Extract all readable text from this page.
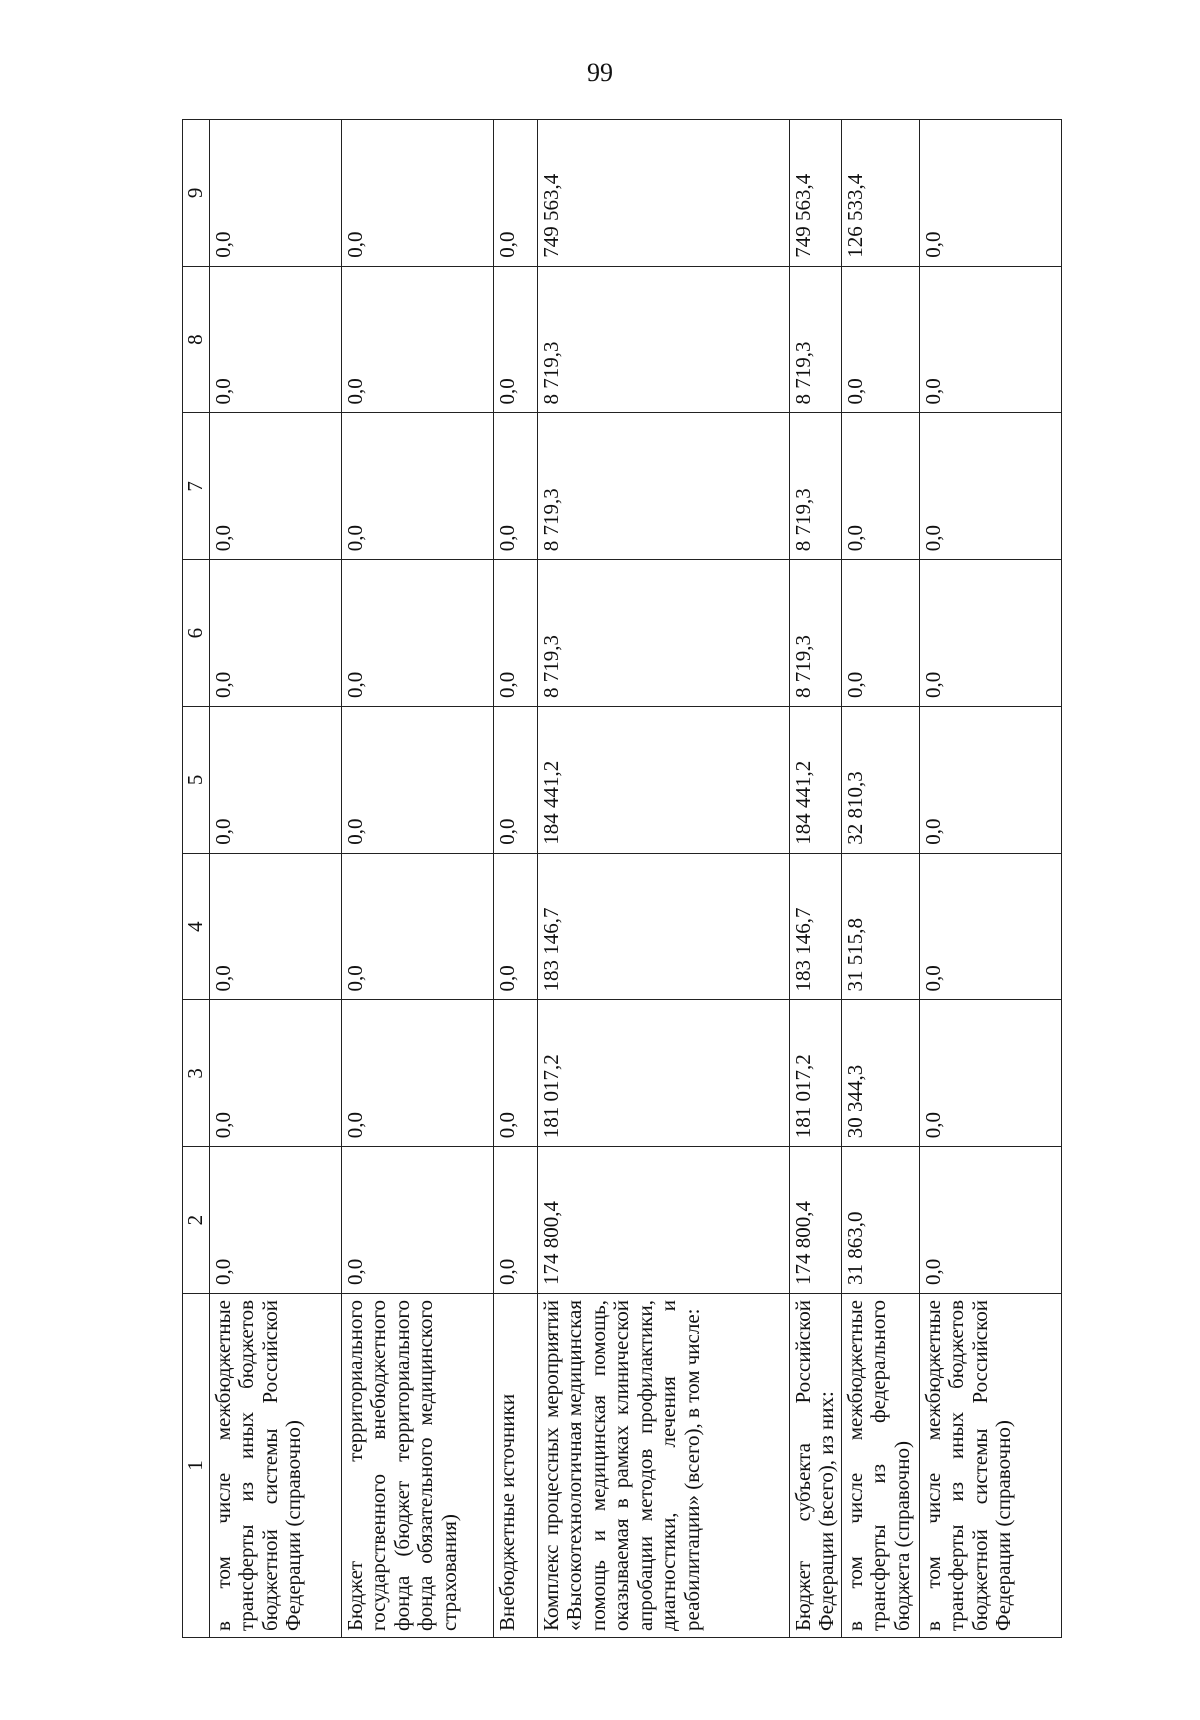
99
1	2	3	4	5	6	7	8	9
в том числе межбюджетные трансферты из иных бюджетов бюджетной системы Российской Федерации (справочно)	0,0	0,0	0,0	0,0	0,0	0,0	0,0	0,0
Бюджет территориального государственного внебюджетного фонда (бюджет территориального фонда обязательного медицинского страхования)	0,0	0,0	0,0	0,0	0,0	0,0	0,0	0,0
Внебюджетные источники	0,0	0,0	0,0	0,0	0,0	0,0	0,0	0,0
Комплекс процессных мероприятий «Высокотехнологичная медицинская помощь и медицинская помощь, оказываемая в рамках клинической апробации методов профилактики, диагностики, лечения и реабилитации» (всего), в том числе:	174 800,4	181 017,2	183 146,7	184 441,2	8 719,3	8 719,3	8 719,3	749 563,4
Бюджет субъекта Российской Федерации (всего), из них:	174 800,4	181 017,2	183 146,7	184 441,2	8 719,3	8 719,3	8 719,3	749 563,4
в том числе межбюджетные трансферты из федерального бюджета (справочно)	31 863,0	30 344,3	31 515,8	32 810,3	0,0	0,0	0,0	126 533,4
в том числе межбюджетные трансферты из иных бюджетов бюджетной системы Российской Федерации (справочно)	0,0	0,0	0,0	0,0	0,0	0,0	0,0	0,0
